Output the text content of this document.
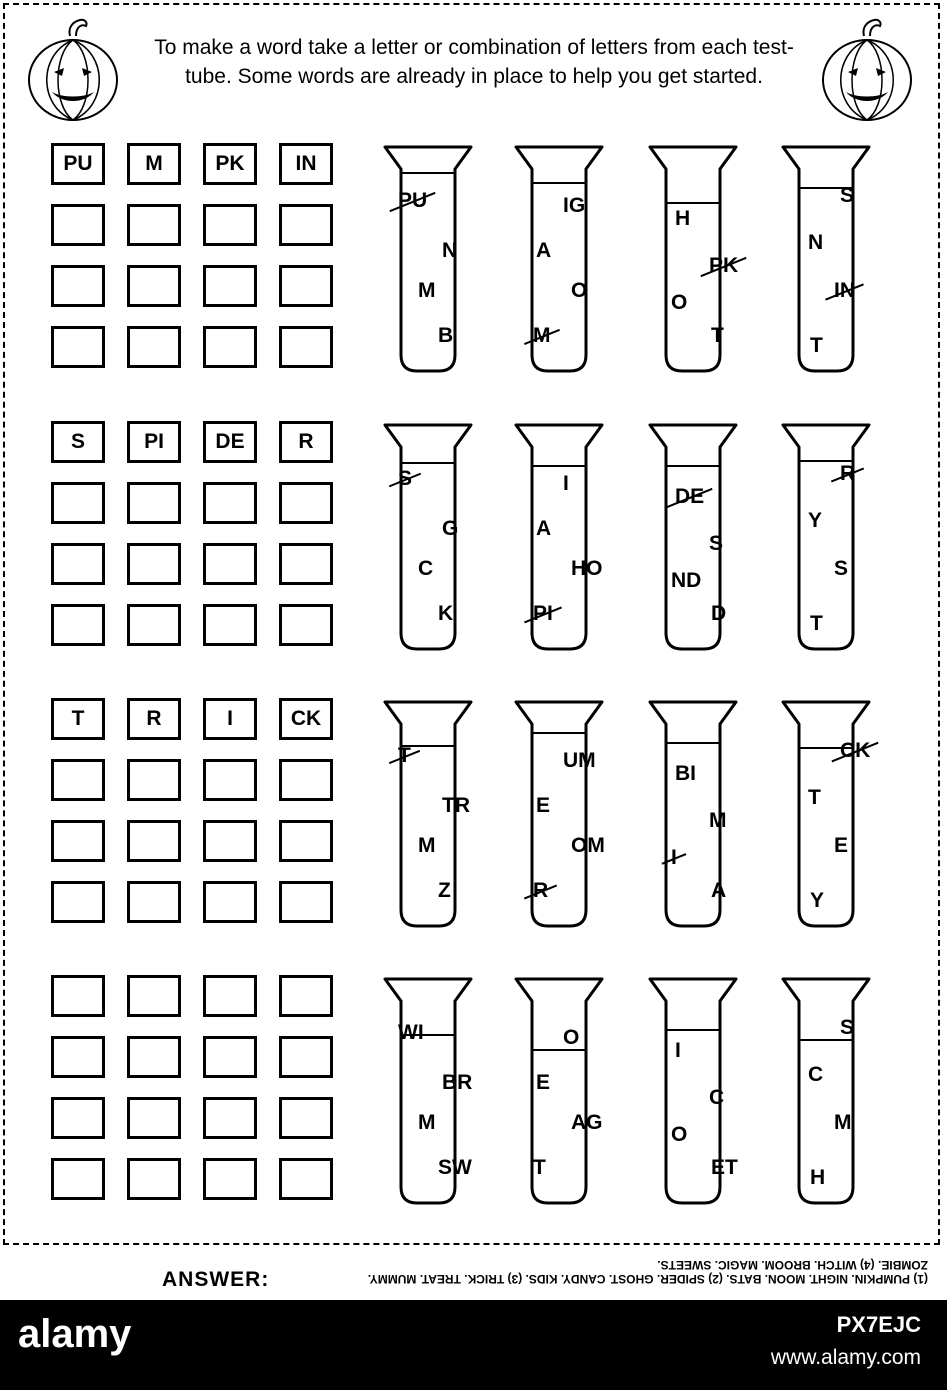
To make a word take a letter or combination of letters from each test-tube. Some words are already in place to help you get started.
PU	M	PK	IN
PU
N
M
B
IG
A
O
M
H
PK
O
T
S
N
IN
T
S	PI	DE	R
S
G
C
K
I
A
HO
PI
DE
S
ND
D
R
Y
S
T
T	R	I	CK
T
TR
M
Z
UM
E
OM
R
BI
M
I
A
CK
T
E
Y
WI
BR
M
SW
O
E
AG
T
I
C
O
ET
S
C
M
H
ANSWER:	(1) PUMPKIN. NIGHT. MOON. BATS. (2) SPIDER. GHOST. CANDY. KIDS. (3) TRICK. TREAT. MUMMY. ZOMBIE. (4) WITCH. BROOM. MAGIC. SWEETS.
alamy	PX7EJC
www.alamy.com
